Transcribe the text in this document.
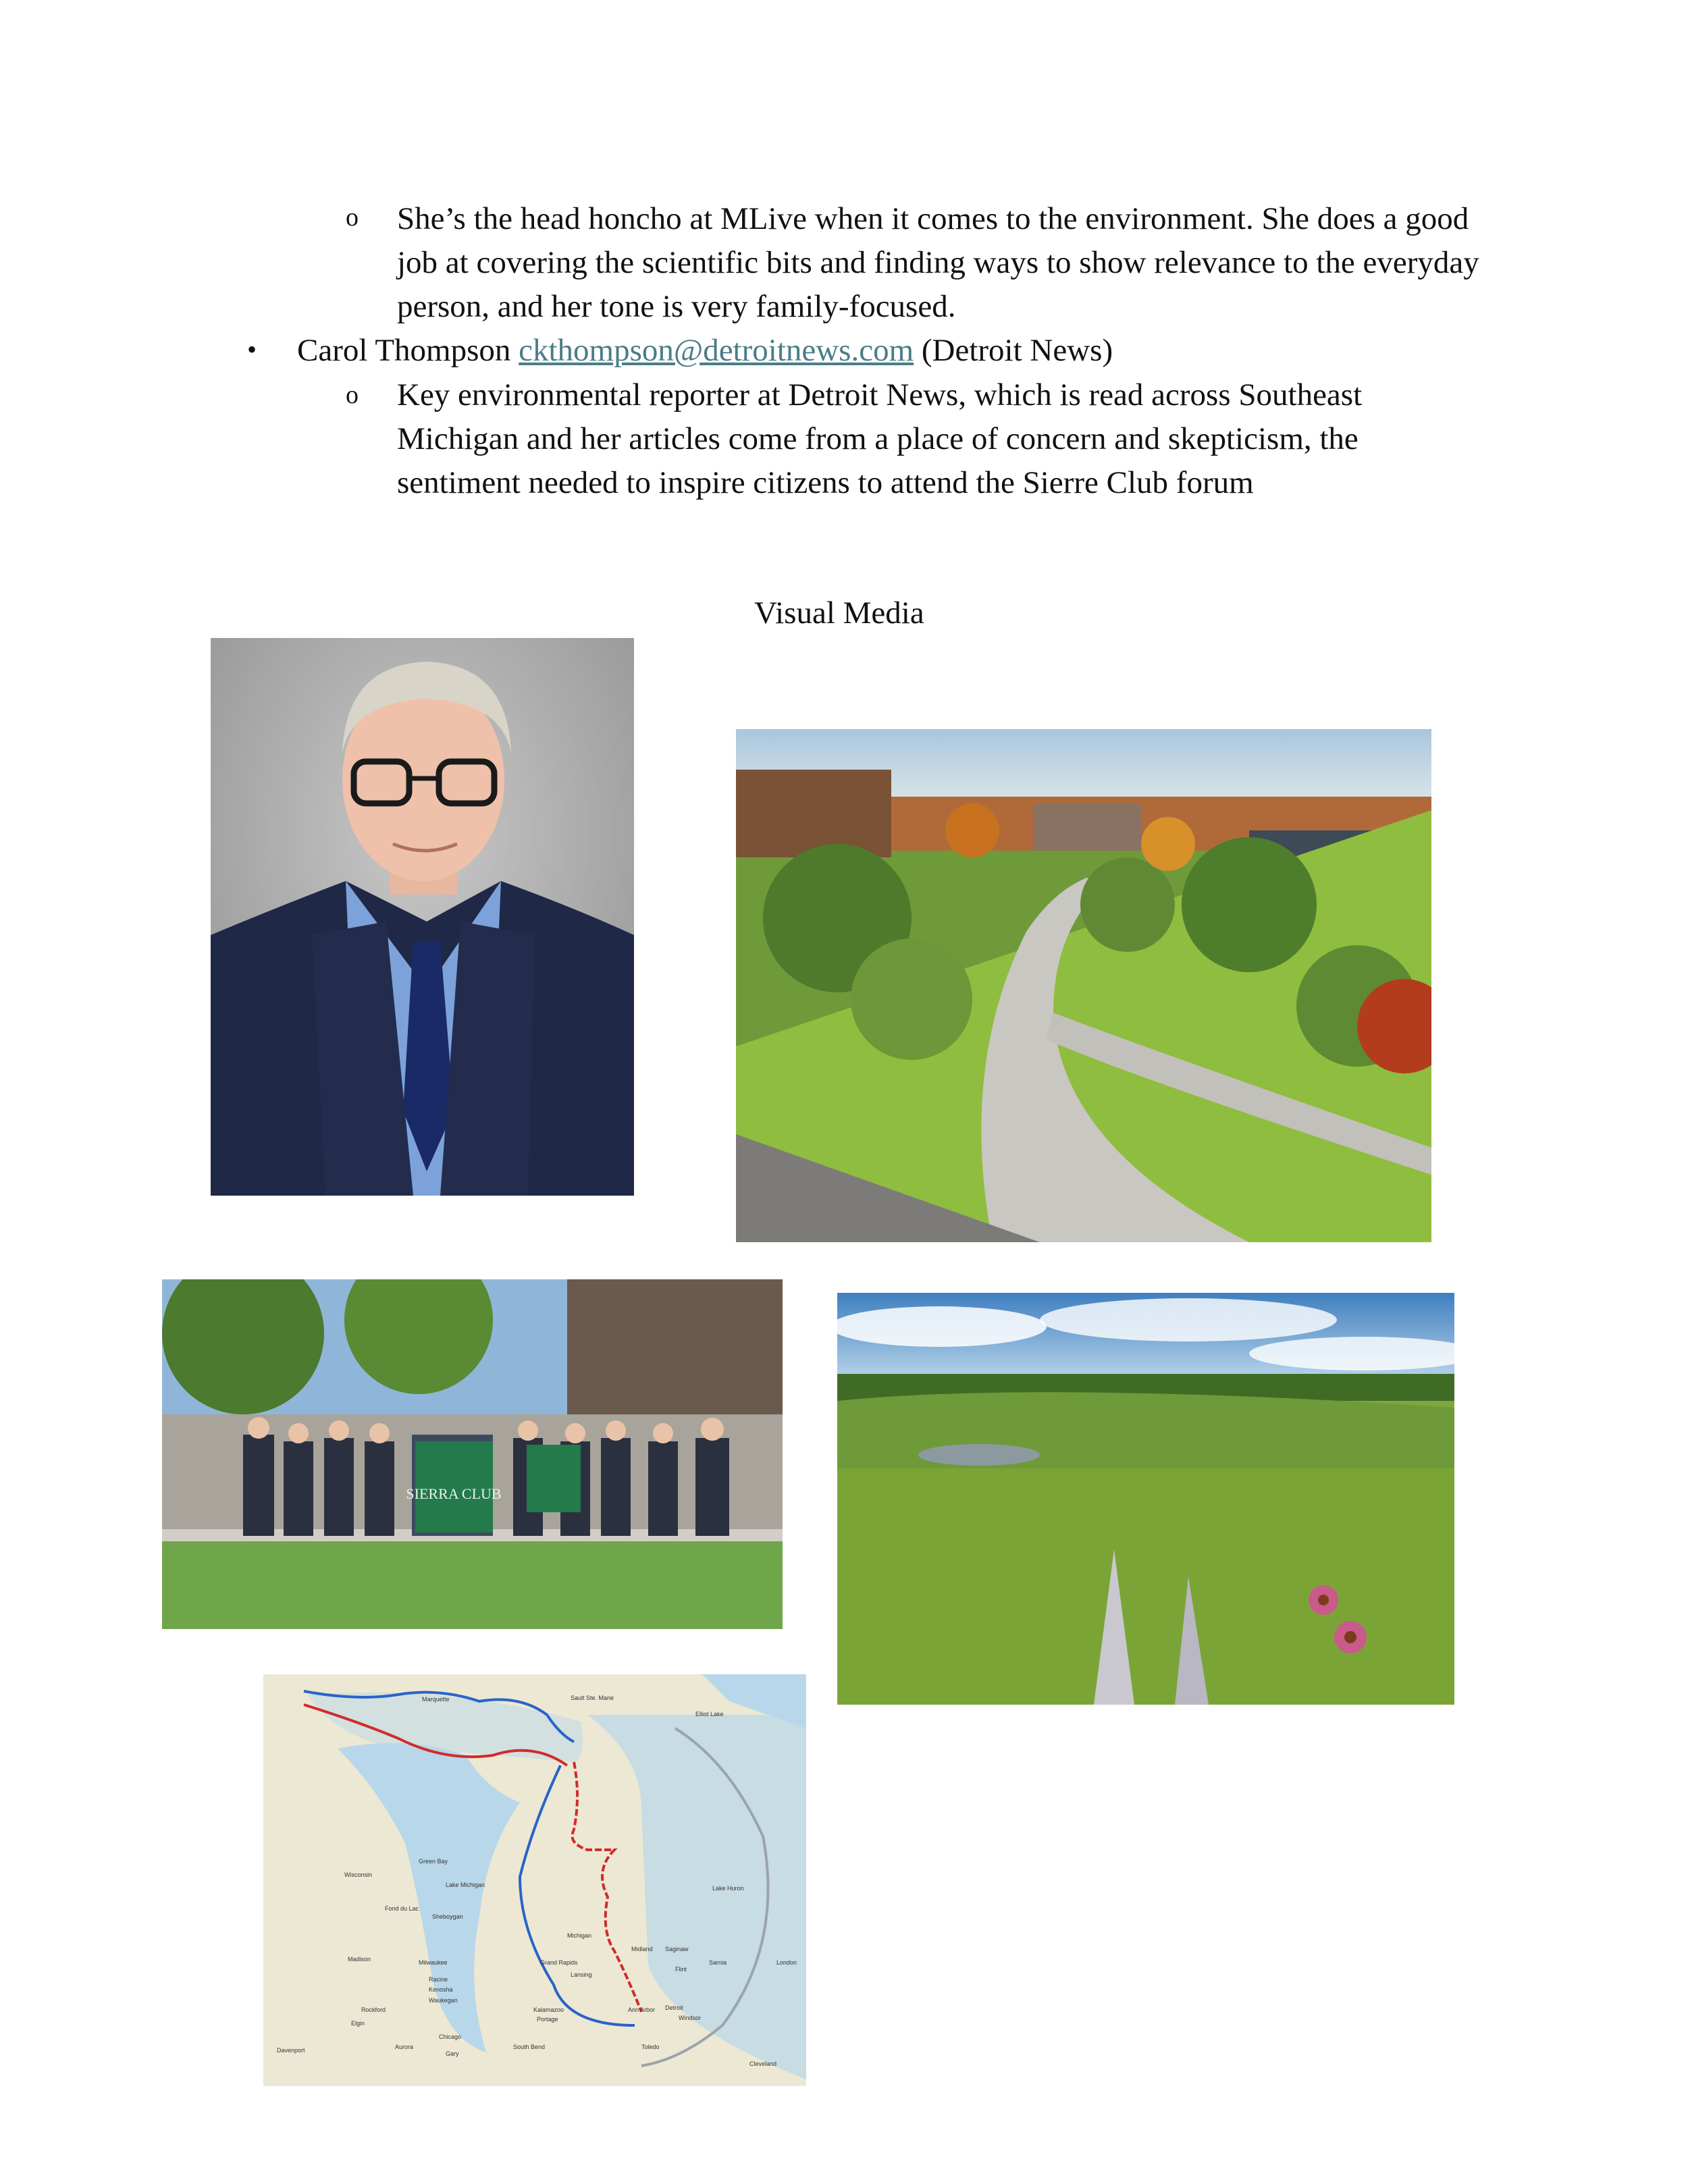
o She’s the head honcho at MLive when it comes to the environment. She does a good job at covering the scientific bits and finding ways to show relevance to the everyday person, and her tone is very family-focused.
• Carol Thompson ckthompson@detroitnews.com (Detroit News)
o Key environmental reporter at Detroit News, which is read across Southeast Michigan and her articles come from a place of concern and skepticism, the sentiment needed to inspire citizens to attend the Sierre Club forum
Visual Media
SIERRA CLUB
Marquette	Sault Ste. Marie
Elliot Lake
Green Bay
Fond du Lac
Sheboygan
Milwaukee
Madison
Racine
Kenosha
Waukegan
Chicago
Rockford
Davenport	Aurora
Gary
South Bend
Kalamazoo
Portage
Grand Rapids
Lansing
Ann Arbor Detroit
Windsor
Toledo
Flint
Saginaw
Midland
Sarnia	London
Cleveland
Lake Huron
Lake Michigan
Michigan
Wisconsin
Elgin
